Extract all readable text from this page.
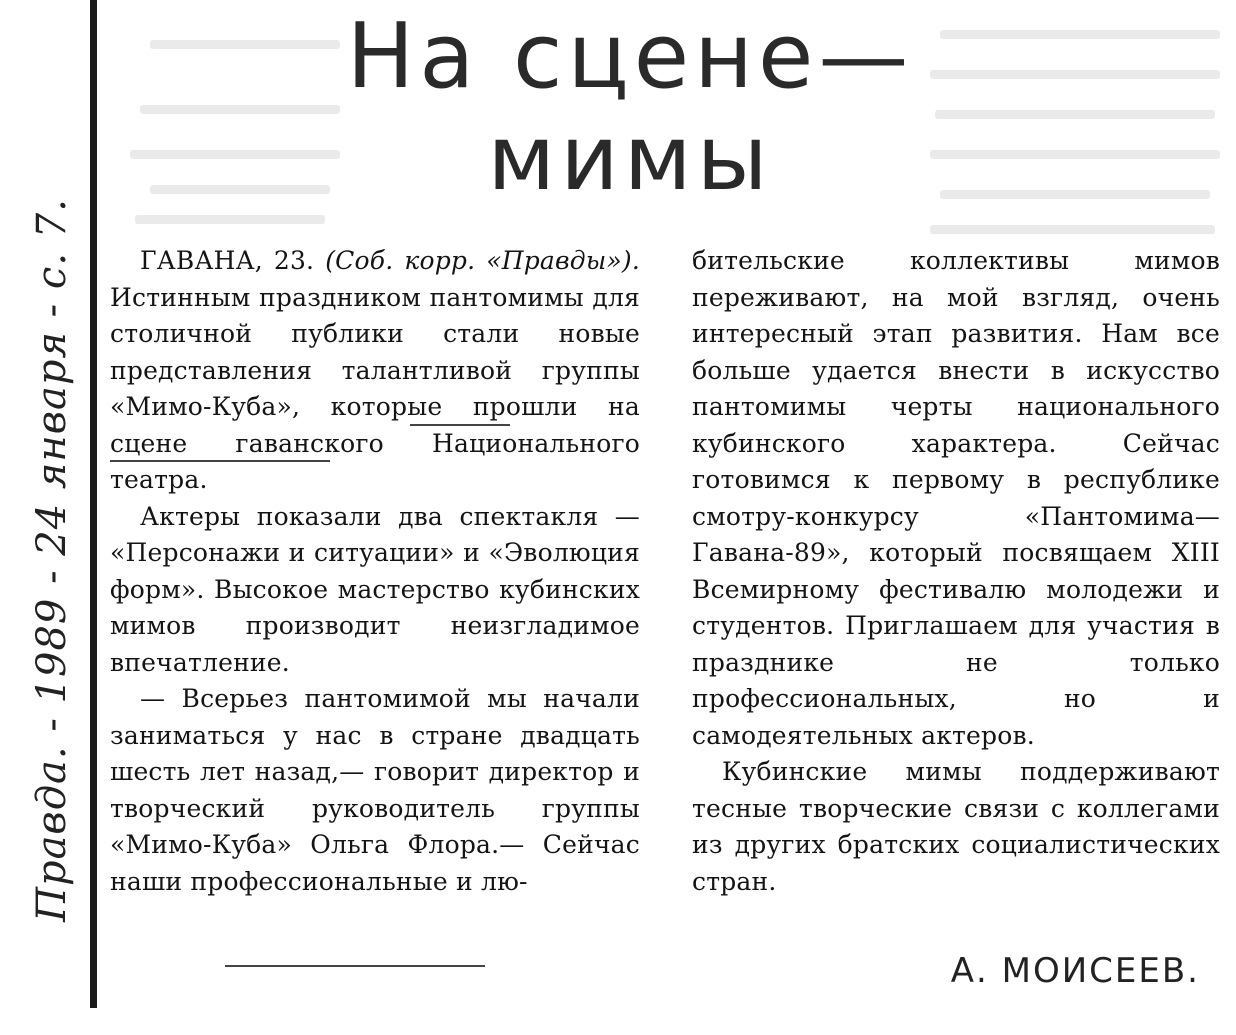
Правда. - 1989 - 24 января - с. 7.
На сцене—
мимы

ГАВАНА, 23. (Соб. корр. «Правды»). Истинным праздником пантомимы для столичной публики стали новые представления талантливой группы «Мимо-Куба», которые прошли на сцене гаванского Национального театра.

Актеры показали два спектакля — «Персонажи и ситуации» и «Эволюция форм». Высокое мастерство кубинских мимов производит неизгладимое впечатление.

— Всерьез пантомимой мы начали заниматься у нас в стране двадцать шесть лет назад,— говорит директор и творческий руководитель группы «Мимо-Куба» Ольга Флора.— Сейчас наши профессиональные и лю-

бительские коллективы мимов переживают, на мой взгляд, очень интересный этап развития. Нам все больше удается внести в искусство пантомимы черты национального кубинского характера. Сейчас готовимся к первому в республике смотру-конкурсу «Пантомима—Гавана-89», который посвящаем XIII Всемирному фестивалю молодежи и студентов. Приглашаем для участия в празднике не только профессиональных, но и самодеятельных актеров.

Кубинские мимы поддерживают тесные творческие связи с коллегами из других братских социалистических стран.

А. МОИСЕЕВ.
